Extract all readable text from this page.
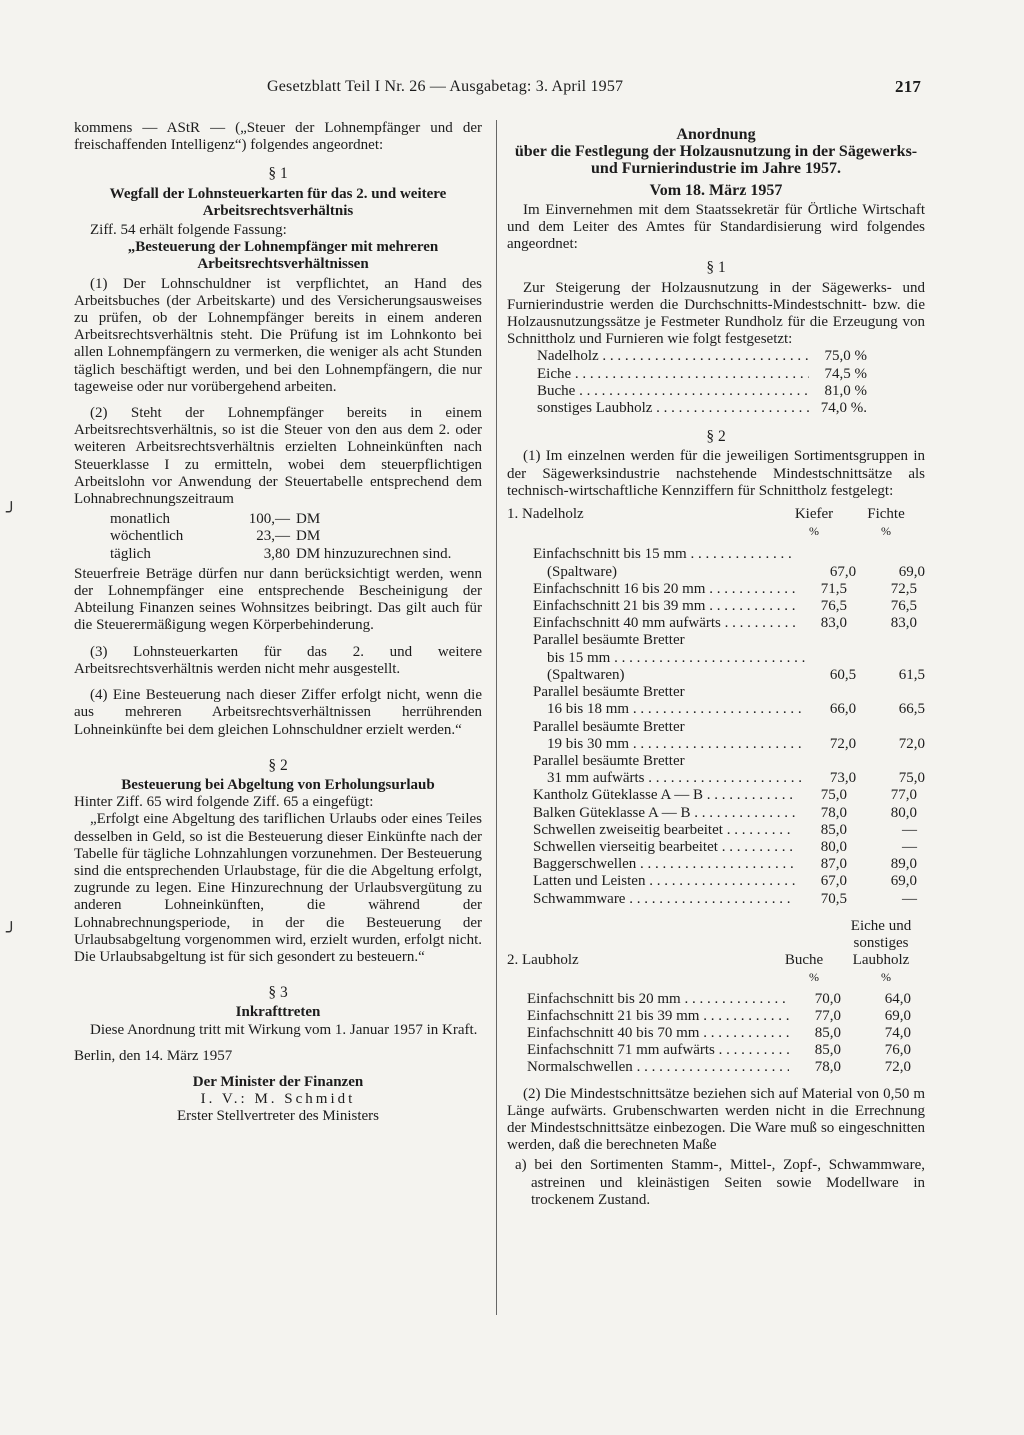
Gesetzblatt Teil I Nr. 26 — Ausgabetag: 3. April 1957	217
╯
╯

kommens — AStR — („Steuer der Lohnempfänger und der freischaffenden Intelligenz“) folgendes angeordnet:

§ 1

Wegfall der Lohnsteuerkarten für das 2. und weitere Arbeitsrechtsverhältnis

Ziff. 54 erhält folgende Fassung:

„Besteuerung der Lohnempfänger mit mehreren Arbeitsrechtsverhältnissen

(1) Der Lohnschuldner ist verpflichtet, an Hand des Arbeitsbuches (der Arbeitskarte) und des Versicherungsausweises zu prüfen, ob der Lohnempfänger bereits in einem anderen Arbeitsrechtsverhältnis steht. Die Prüfung ist im Lohnkonto bei allen Lohnempfängern zu vermerken, die weniger als acht Stunden täglich beschäftigt werden, und bei den Lohnempfängern, die nur tageweise oder nur vorübergehend arbeiten.

(2) Steht der Lohnempfänger bereits in einem Arbeitsrechtsverhältnis, so ist die Steuer von den aus dem 2. oder weiteren Arbeitsrechtsverhältnis erzielten Lohneinkünften nach Steuerklasse I zu ermitteln, wobei dem steuerpflichtigen Arbeitslohn vor Anwendung der Steuertabelle entsprechend dem Lohnabrechnungszeitraum

monatlich	100,— DM
wöchentlich	23,— DM
täglich	3,80 DM hinzuzurechnen sind.

Steuerfreie Beträge dürfen nur dann berücksichtigt werden, wenn der Lohnempfänger eine entsprechende Bescheinigung der Abteilung Finanzen seines Wohnsitzes beibringt. Das gilt auch für die Steuerermäßigung wegen Körperbehinderung.

(3) Lohnsteuerkarten für das 2. und weitere Arbeitsrechtsverhältnis werden nicht mehr ausgestellt.

(4) Eine Besteuerung nach dieser Ziffer erfolgt nicht, wenn die aus mehreren Arbeitsrechtsverhältnissen herrührenden Lohneinkünfte bei dem gleichen Lohnschuldner erzielt werden.“

§ 2

Besteuerung bei Abgeltung von Erholungsurlaub

Hinter Ziff. 65 wird folgende Ziff. 65 a eingefügt:

„Erfolgt eine Abgeltung des tariflichen Urlaubs oder eines Teiles desselben in Geld, so ist die Besteuerung dieser Einkünfte nach der Tabelle für tägliche Lohnzahlungen vorzunehmen. Der Besteuerung sind die entsprechenden Urlaubstage, für die die Abgeltung erfolgt, zugrunde zu legen. Eine Hinzurechnung der Urlaubsvergütung zu anderen Lohneinkünften, die während der Lohnabrechnungsperiode, in der die Besteuerung der Urlaubsabgeltung vorgenommen wird, erzielt wurden, erfolgt nicht. Die Urlaubsabgeltung ist für sich gesondert zu besteuern.“

§ 3

Inkrafttreten

Diese Anordnung tritt mit Wirkung vom 1. Januar 1957 in Kraft.

Berlin, den 14. März 1957

Der Minister der Finanzen

I. V.: M. Schmidt

Erster Stellvertreter des Ministers

Anordnung

über die Festlegung der Holzausnutzung in der Sägewerks- und Furnierindustrie im Jahre 1957.

Vom 18. März 1957

Im Einvernehmen mit dem Staatssekretär für Örtliche Wirtschaft und dem Leiter des Amtes für Standardisierung wird folgendes angeordnet:

§ 1

Zur Steigerung der Holzausnutzung in der Sägewerks- und Furnierindustrie werden die Durchschnitts-Mindestschnitt- bzw. die Holzausnutzungssätze je Festmeter Rundholz für die Erzeugung von Schnittholz und Furnieren wie folgt festgesetzt:

Nadelholz . . .	75,0 %
Eiche . . .	74,5 %
Buche . . .	81,0 %
sonstiges Laubholz . . .	74,0 %.

§ 2

(1) Im einzelnen werden für die jeweiligen Sortimentsgruppen in der Sägewerksindustrie nachstehende Mindestschnittsätze als technisch-wirtschaftliche Kennziffern für Schnittholz festgelegt:

1. Nadelholz	Kiefer	Fichte
%	%
Einfachschnitt bis 15 mm . . .
(Spaltware)	67,0	69,0
Einfachschnitt 16 bis 20 mm . . .	71,5	72,5
Einfachschnitt 21 bis 39 mm . . .	76,5	76,5
Einfachschnitt 40 mm aufwärts . . .	83,0	83,0
Parallel besäumte Bretter
bis 15 mm . . .
(Spaltwaren)	60,5	61,5
Parallel besäumte Bretter
16 bis 18 mm . . .	66,0	66,5
Parallel besäumte Bretter
19 bis 30 mm . . .	72,0	72,0
Parallel besäumte Bretter
31 mm aufwärts . . .	73,0	75,0
Kantholz Güteklasse A — B . . .	75,0	77,0
Balken Güteklasse A — B . . .	78,0	80,0
Schwellen zweiseitig bearbeitet . . .	85,0	—
Schwellen vierseitig bearbeitet . . .	80,0	—
Baggerschwellen . . .	87,0	89,0
Latten und Leisten . . .	67,0	69,0
Schwammware . . .	70,5	—
2. Laubholz	Buche
Eiche und sonstiges Laubholz
%	%
Einfachschnitt bis 20 mm . . .	70,0	64,0
Einfachschnitt 21 bis 39 mm . . .	77,0	69,0
Einfachschnitt 40 bis 70 mm . . .	85,0	74,0
Einfachschnitt 71 mm aufwärts . . .	85,0	76,0
Normalschwellen . . .	78,0	72,0

(2) Die Mindestschnittsätze beziehen sich auf Material von 0,50 m Länge aufwärts. Grubenschwarten werden nicht in die Errechnung der Mindestschnittsätze einbezogen. Die Ware muß so eingeschnitten werden, daß die berechneten Maße

a) bei den Sortimenten Stamm-, Mittel-, Zopf-, Schwammware, astreinen und kleinästigen Seiten sowie Modellware in trockenem Zustand.
